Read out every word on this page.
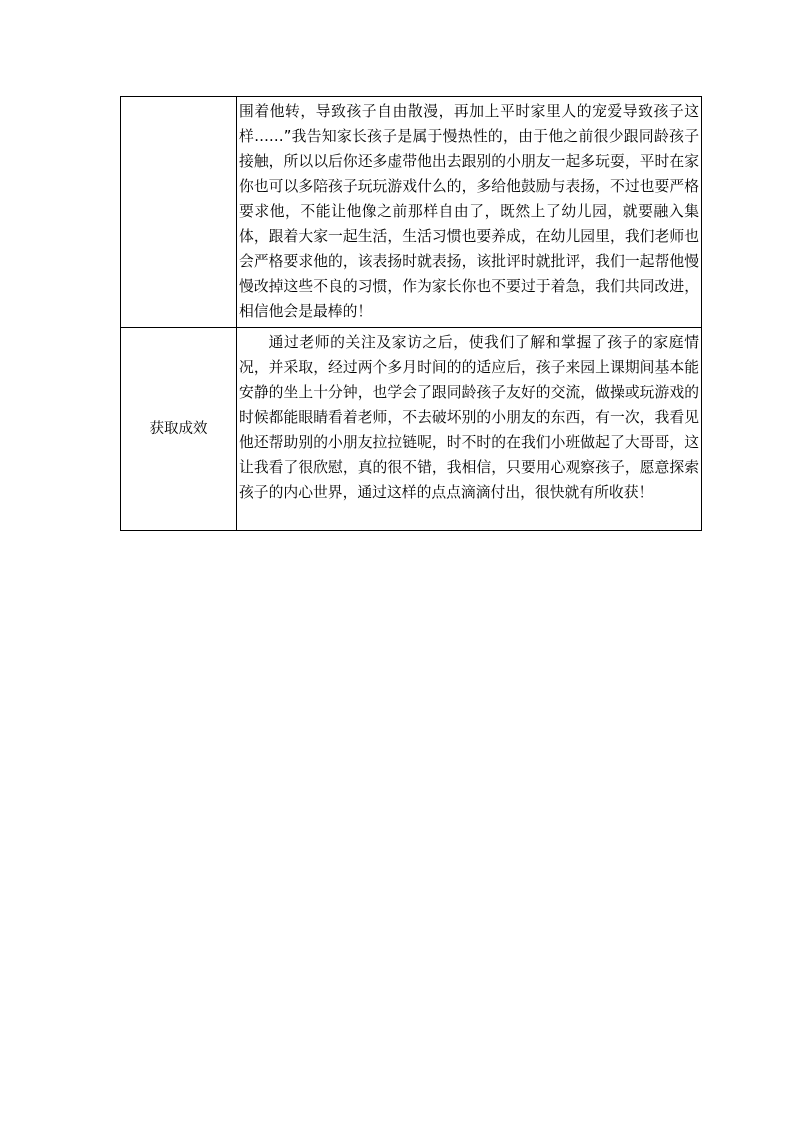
	围着他转，导致孩子自由散漫，再加上平时家里人的宠爱导致孩子这样……”我告知家长孩子是属于慢热性的，由于他之前很少跟同龄孩子接触，所以以后你还多虚带他出去跟别的小朋友一起多玩耍，平时在家你也可以多陪孩子玩玩游戏什么的，多给他鼓励与表扬，不过也要严格要求他，不能让他像之前那样自由了，既然上了幼儿园，就要融入集体，跟着大家一起生活，生活习惯也要养成，在幼儿园里，我们老师也会严格要求他的，该表扬时就表扬，该批评时就批评，我们一起帮他慢慢改掉这些不良的习惯，作为家长你也不要过于着急，我们共同改进，相信他会是最棒的！

获取成效	通过老师的关注及家访之后，使我们了解和掌握了孩子的家庭情况，并采取，经过两个多月时间的的适应后，孩子来园上课期间基本能安静的坐上十分钟，也学会了跟同龄孩子友好的交流，做操或玩游戏的时候都能眼睛看着老师，不去破坏别的小朋友的东西，有一次，我看见他还帮助别的小朋友拉拉链呢，时不时的在我们小班做起了大哥哥，这让我看了很欣慰，真的很不错，我相信，只要用心观察孩子，愿意探索孩子的内心世界，通过这样的点点滴滴付出，很快就有所收获！
